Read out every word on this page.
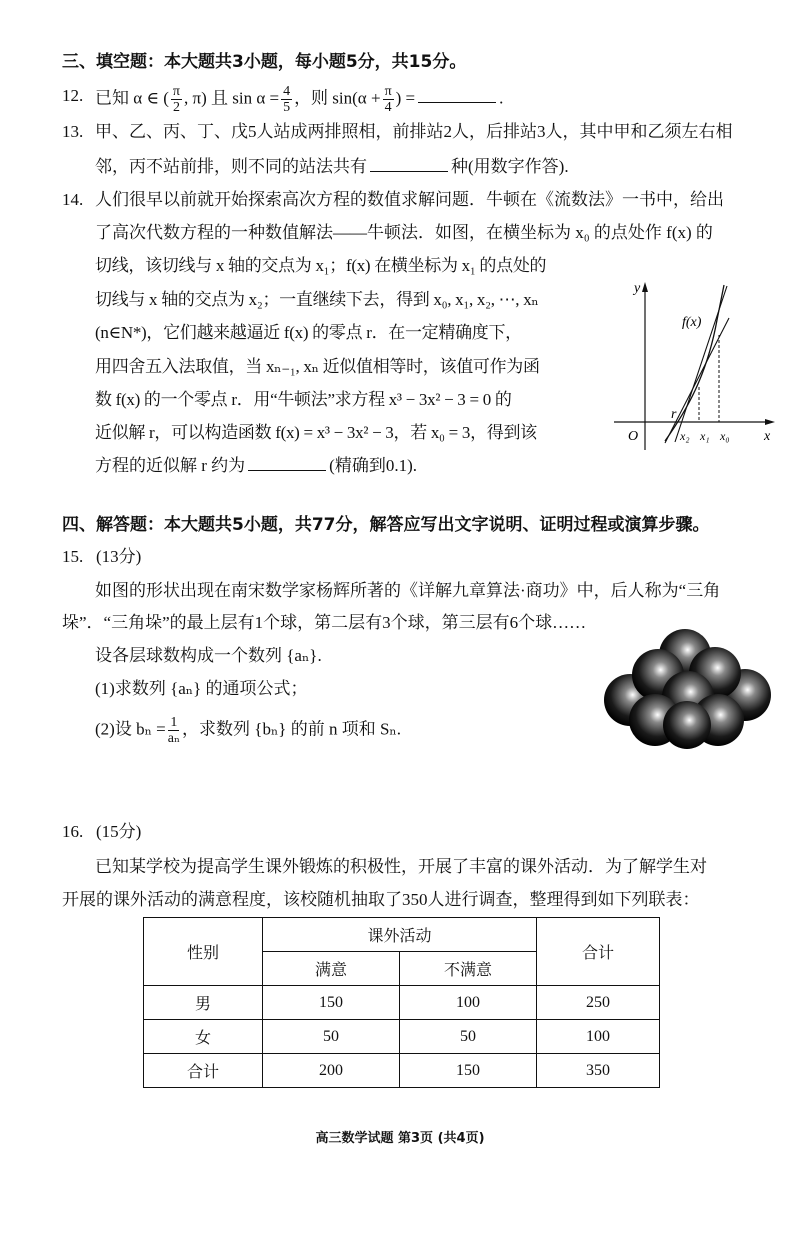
三、填空题：本大题共3小题，每小题5分，共15分。
12. 已知 α ∈ ( $\frac{\pi}{2}$ , π) 且 $\sin \alpha = \frac{4}{5}$ ，则 $\sin(\alpha + \frac{\pi}{4}$ ) =	.
13. 甲、乙、丙、丁、戊5人站成两排照相，前排站2人，后排站3人，其中甲和乙须左右相
邻，丙不站前排，则不同的站法共有	种(用数字作答).
14. 人们很早以前就开始探索高次方程的数值求解问题．牛顿在《流数法》一书中，给出
了高次代数方程的一种数值解法——牛顿法．如图，在横坐标为 x₀ 的点处作 f(x) 的
切线，该切线与 x 轴的交点为 x₁；f(x) 在横坐标为 x₁ 的点处的
切线与 x 轴的交点为 x₂；一直继续下去，得到 x₀, x₁, x₂, ⋯, xₙ
(n∈N*)，它们越来越逼近 f(x) 的零点 r．在一定精确度下，
用四舍五入法取值，当 xₙ₋₁, xₙ 近似值相等时，该值可作为函
数 f(x) 的一个零点 r．用“牛顿法”求方程 x³ − 3x² − 3 = 0 的
近似解 r，可以构造函数 f(x) = x³ − 3x² − 3，若 x₀ = 3，得到该
方程的近似解 r 约为	(精确到0.1).
y
f(x)
r
O	x₂ x₁ x₀ x
四、解答题：本大题共5小题，共77分，解答应写出文字说明、证明过程或演算步骤。
15. (13分)
如图的形状出现在南宋数学家杨辉所著的《详解九章算法·商功》中，后人称为“三角
垛”．“三角垛”的最上层有1个球，第二层有3个球，第三层有6个球……
设各层球数构成一个数列 {aₙ}.
(1)求数列 {aₙ} 的通项公式；
(2)设 $b_n = \frac{1}{\text{aₙ}}$ ，求数列 {bₙ} 的前 n 项和 Sₙ.
16. (15分)
已知某学校为提高学生课外锻炼的积极性，开展了丰富的课外活动．为了解学生对
开展的课外活动的满意程度，该校随机抽取了350人进行调查，整理得到如下列联表：
性别	课外活动		合计
	满意	不满意	
男	150	100	250
女	50	50	100
合计	200	150	350
高三数学试题 第3页 (共4页)
